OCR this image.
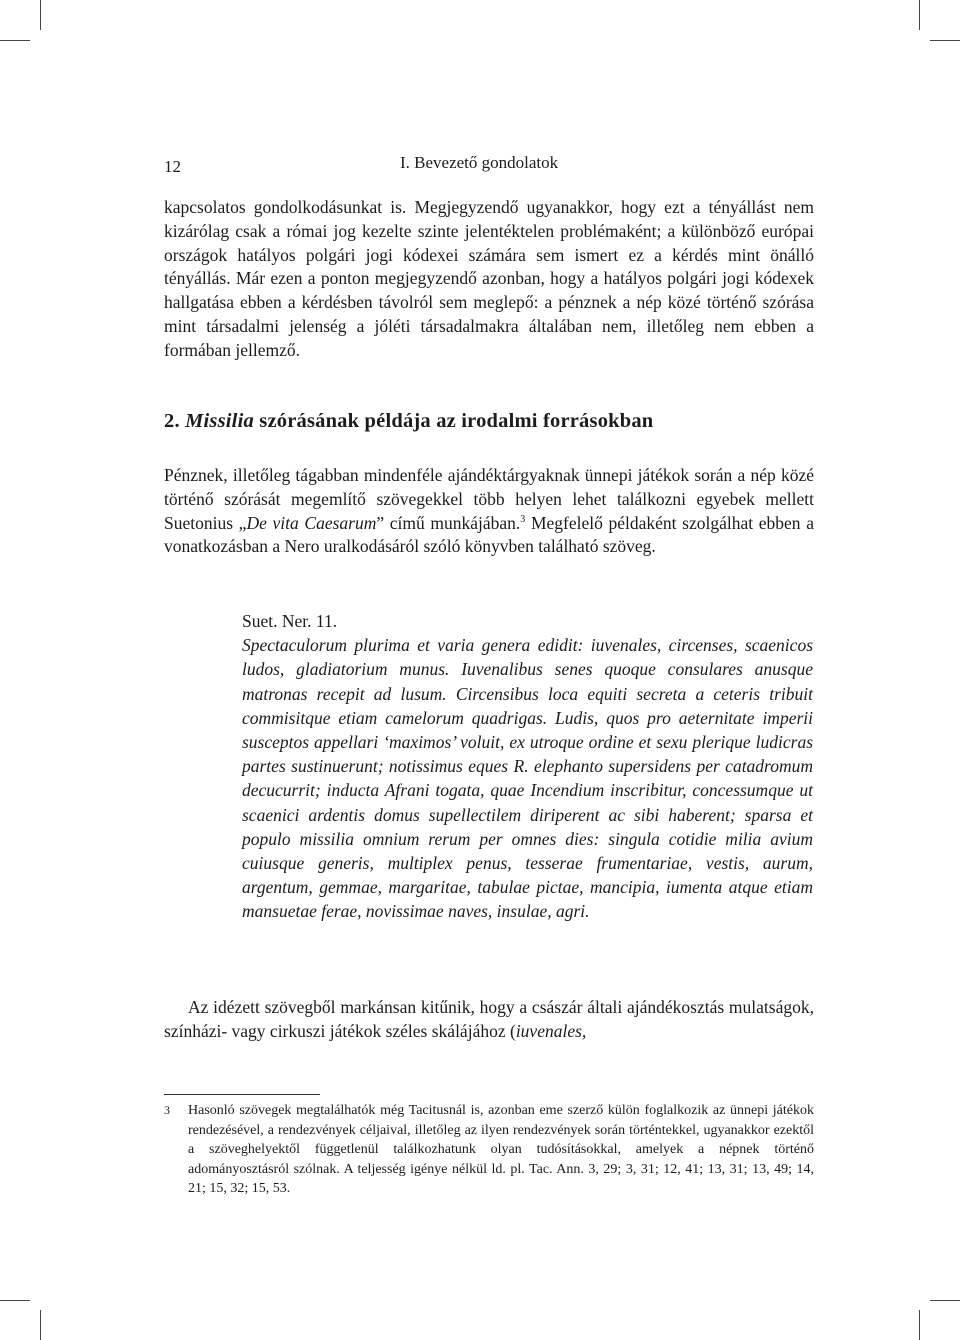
12	I. Bevezető gondolatok
kapcsolatos gondolkodásunkat is. Megjegyzendő ugyanakkor, hogy ezt a tényállást nem kizárólag csak a római jog kezelte szinte jelentéktelen problémaként; a különböző európai országok hatályos polgári jogi kódexei számára sem ismert ez a kérdés mint önálló tényállás. Már ezen a ponton megjegyzendő azonban, hogy a hatályos polgári jogi kódexek hallgatása ebben a kérdésben távolról sem meglepő: a pénznek a nép közé történő szórása mint társadalmi jelenség a jóléti társadalmakra általában nem, illetőleg nem ebben a formában jellemző.
2. Missilia szórásának példája az irodalmi forrásokban
Pénznek, illetőleg tágabban mindenféle ajándéktárgyaknak ünnepi játékok során a nép közé történő szórását megemlítő szövegekkel több helyen lehet találkozni egyebek mellett Suetonius „De vita Caesarum” című munkájában.$^3$ Megfelelő példaként szolgálhat ebben a vonatkozásban a Nero uralkodásáról szóló könyvben található szöveg.
Suet. Ner. 11.
Spectaculorum plurima et varia genera edidit: iuvenales, circenses, scaenicos ludos, gladiatorium munus. Iuvenalibus senes quoque consulares anusque matronas recepit ad lusum. Circensibus loca equiti secreta a ceteris tribuit commisitque etiam camelorum quadrigas. Ludis, quos pro aeternitate imperii susceptos appellari ‘maximos’ voluit, ex utroque ordine et sexu plerique ludicras partes sustinuerunt; notissimus eques R. elephanto supersidens per catadromum decucurrit; inducta Afrani togata, quae Incendium inscribitur, concessumque ut scaenici ardentis domus supellectilem diriperent ac sibi haberent; sparsa et populo missilia omnium rerum per omnes dies: singula cotidie milia avium cuiusque generis, multiplex penus, tesserae frumentariae, vestis, aurum, argentum, gemmae, margaritae, tabulae pictae, mancipia, iumenta atque etiam mansuetae ferae, novissimae naves, insulae, agri.
Az idézett szövegből markánsan kitűnik, hogy a császár általi ajándékosztás mulatságok, színházi- vagy cirkuszi játékok széles skálájához (iuvenales,
3 Hasonló szövegek megtalálhatók még Tacitusnál is, azonban eme szerző külön foglalkozik az ünnepi játékok rendezésével, a rendezvények céljaival, illetőleg az ilyen rendezvények során történtekkel, ugyanakkor ezektől a szöveghelyektől függetlenül találkozhatunk olyan tudósításokkal, amelyek a népnek történő adományosztásról szólnak. A teljesség igénye nélkül ld. pl. Tac. Ann. 3, 29; 3, 31; 12, 41; 13, 31; 13, 49; 14, 21; 15, 32; 15, 53.
